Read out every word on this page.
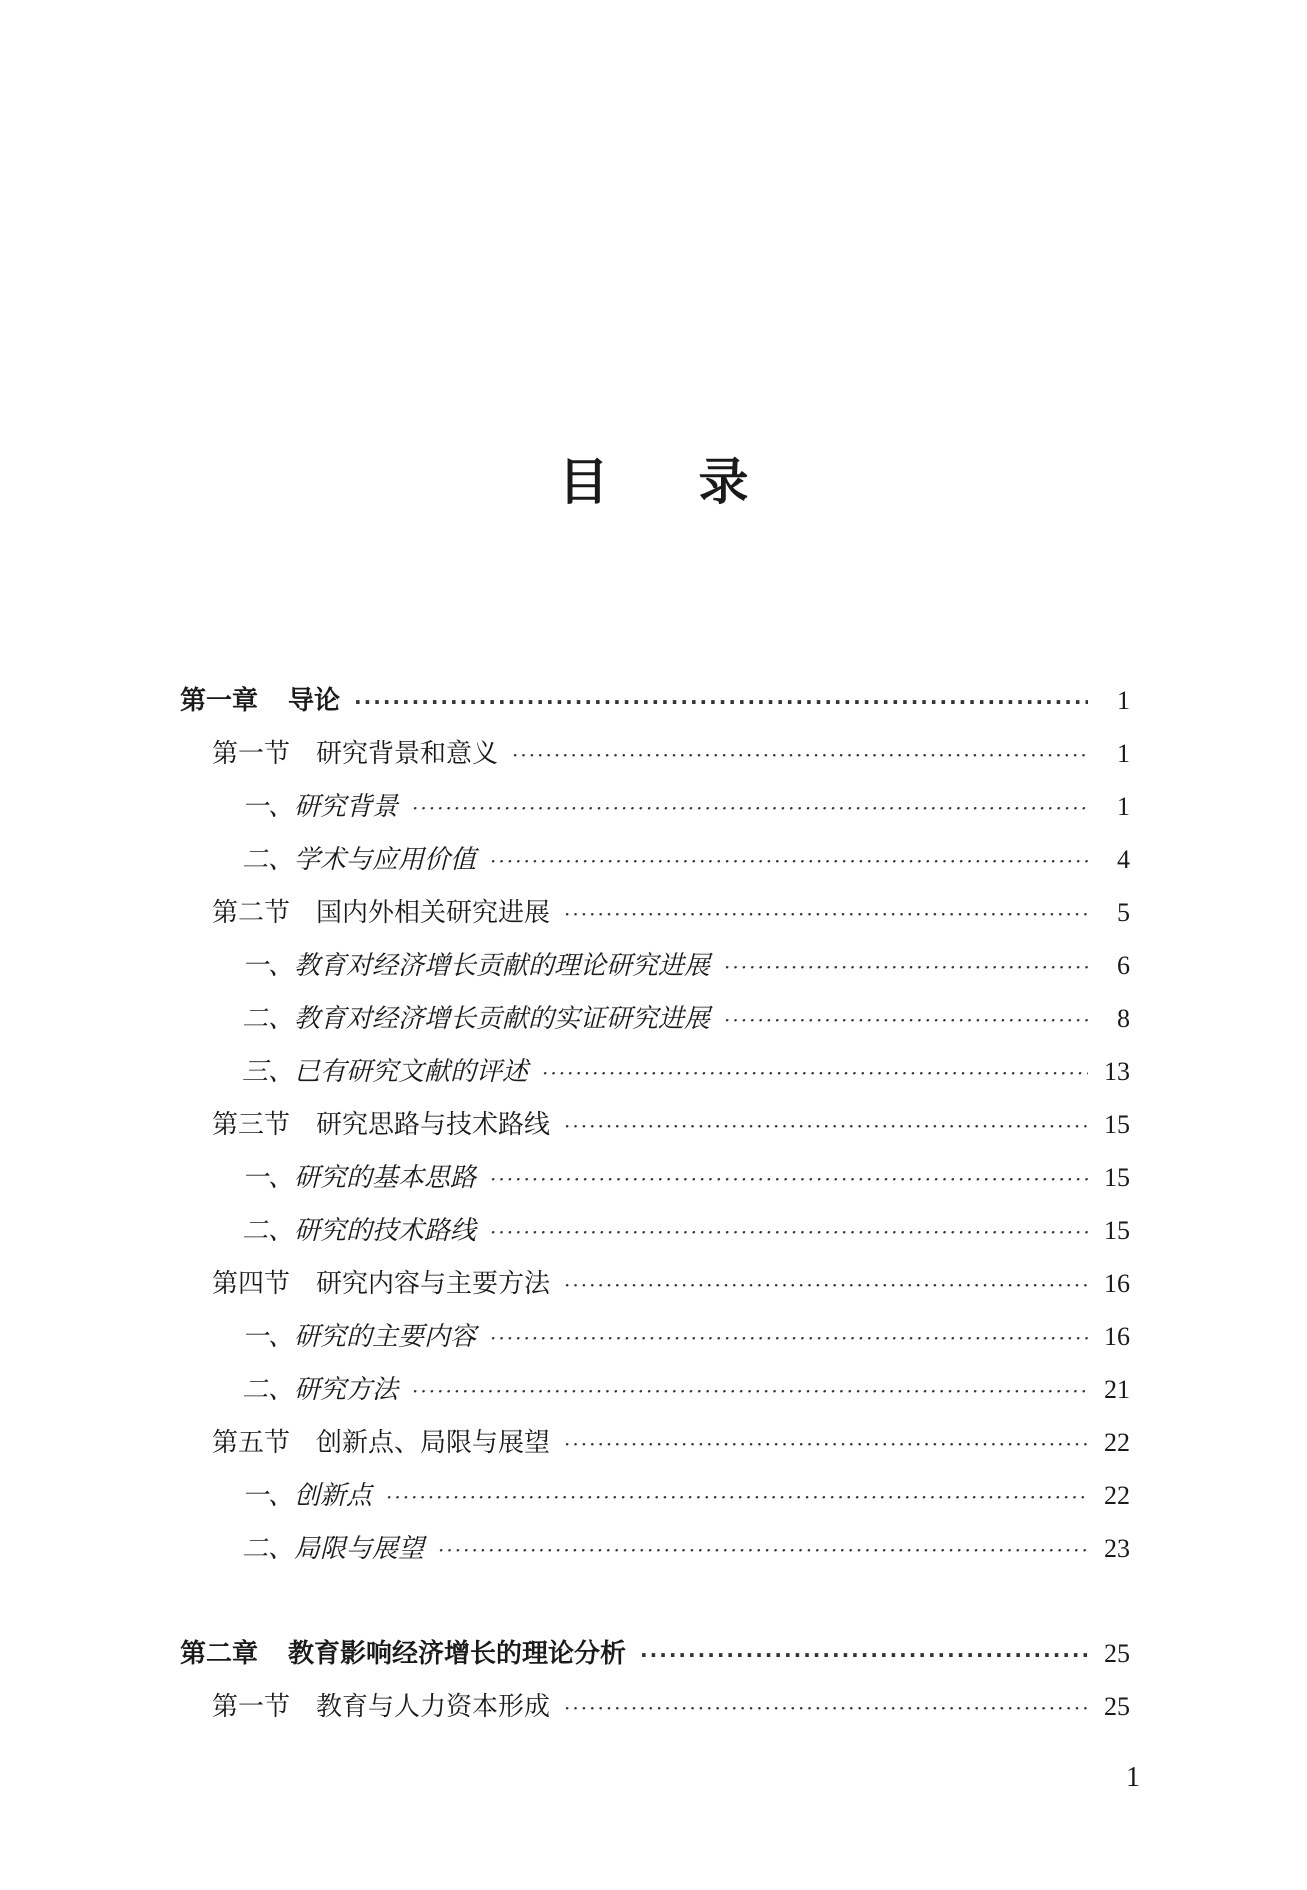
目录
第一章 导论 ·····	1
第一节 研究背景和意义 ·····	1
一、研究背景 ·····	1
二、学术与应用价值 ·····	4
第二节 国内外相关研究进展 ·····	5
一、教育对经济增长贡献的理论研究进展 ·····	6
二、教育对经济增长贡献的实证研究进展 ·····	8
三、已有研究文献的评述 ·····	13
第三节 研究思路与技术路线 ·····	15
一、研究的基本思路 ·····	15
二、研究的技术路线 ·····	15
第四节 研究内容与主要方法 ·····	16
一、研究的主要内容 ·····	16
二、研究方法 ·····	21
第五节 创新点、局限与展望 ·····	22
一、创新点 ·····	22
二、局限与展望 ·····	23
第二章 教育影响经济增长的理论分析 ·····	25
第一节 教育与人力资本形成 ·····	25
1
